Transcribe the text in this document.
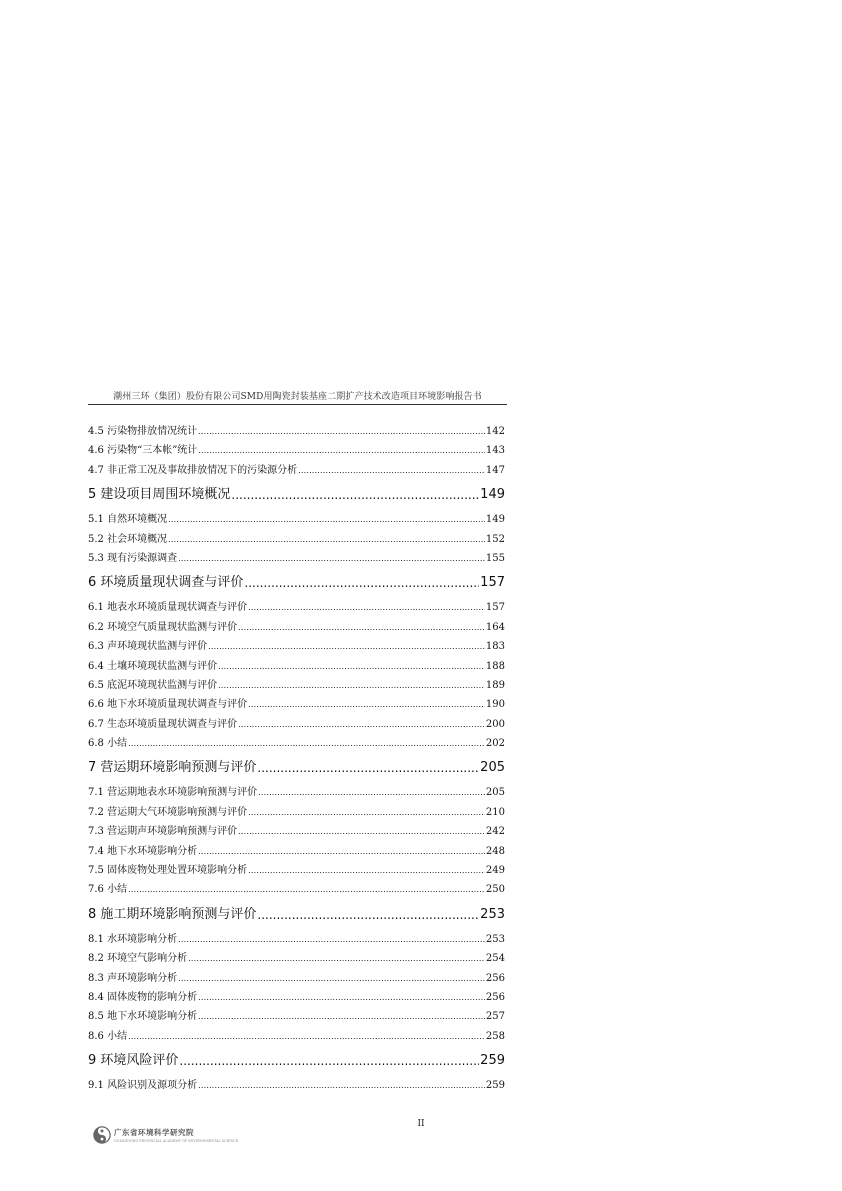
潮州三环（集团）股份有限公司SMD用陶瓷封装基座二期扩产技术改造项目环境影响报告书
4.5 污染物排放情况统计 .....	142
4.6 污染物“三本帐”统计 .....	143
4.7 非正常工况及事故排放情况下的污染源分析 .....	147
5 建设项目周围环境概况 .....	149
5.1 自然环境概况 .....	149
5.2 社会环境概况 .....	152
5.3 现有污染源调查 .....	155
6 环境质量现状调查与评价 .....	157
6.1 地表水环境质量现状调查与评价 .....	157
6.2 环境空气质量现状监测与评价 .....	164
6.3 声环境现状监测与评价 .....	183
6.4 土壤环境现状监测与评价 .....	188
6.5 底泥环境现状监测与评价 .....	189
6.6 地下水环境质量现状调查与评价 .....	190
6.7 生态环境质量现状调查与评价 .....	200
6.8 小结 .....	202
7 营运期环境影响预测与评价 .....	205
7.1 营运期地表水环境影响预测与评价 .....	205
7.2 营运期大气环境影响预测与评价 .....	210
7.3 营运期声环境影响预测与评价 .....	242
7.4 地下水环境影响分析 .....	248
7.5 固体废物处理处置环境影响分析 .....	249
7.6 小结 .....	250
8 施工期环境影响预测与评价 .....	253
8.1 水环境影响分析 .....	253
8.2 环境空气影响分析 .....	254
8.3 声环境影响分析 .....	256
8.4 固体废物的影响分析 .....	256
8.5 地下水环境影响分析 .....	257
8.6 小结 .....	258
9 环境风险评价 .....	259
9.1 风险识别及源项分析 .....	259
II
广东省环境科学研究院
GUANGDONG PROVINCIAL ACADEMY OF ENVIRONMENTAL SCIENCE
